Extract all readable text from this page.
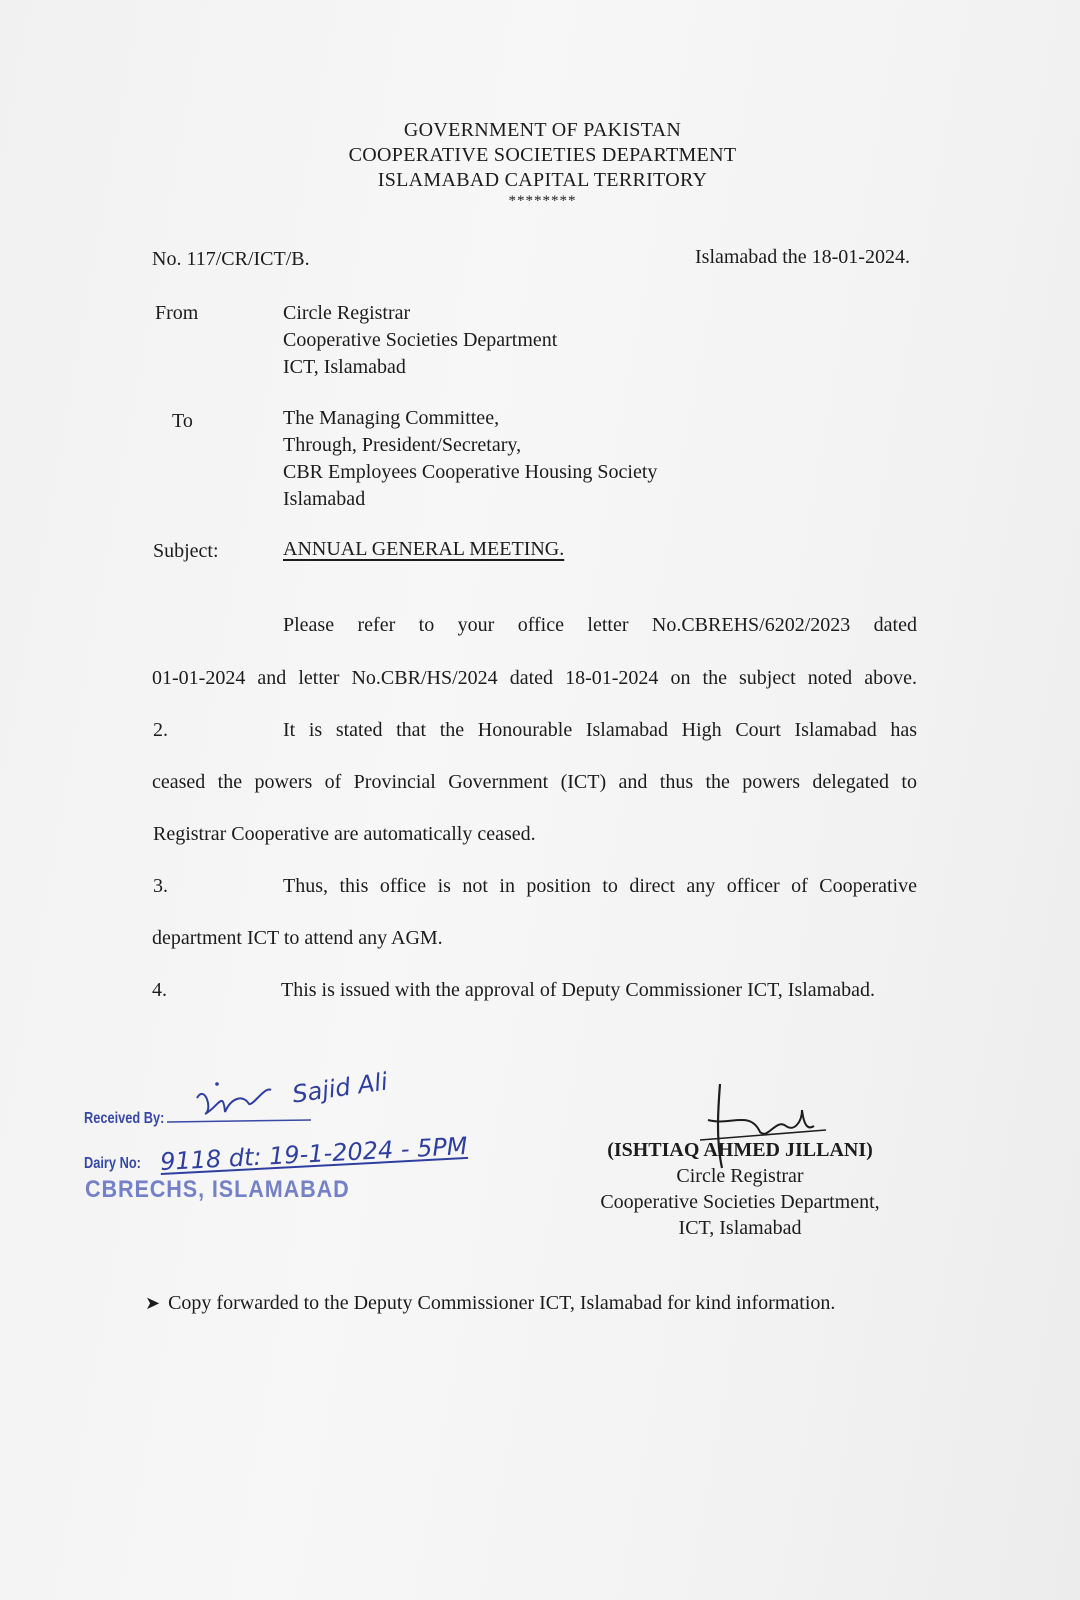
GOVERNMENT OF PAKISTAN
COOPERATIVE SOCIETIES DEPARTMENT
ISLAMABAD CAPITAL TERRITORY
********
No. 117/CR/ICT/B.	Islamabad the 18-01-2024.
From	Circle Registrar
Cooperative Societies Department
ICT, Islamabad
To	The Managing Committee,
Through, President/Secretary,
CBR Employees Cooperative Housing Society
Islamabad
Subject:	ANNUAL GENERAL MEETING.
Please refer to your office letter No.CBREHS/6202/2023 dated
01-01-2024 and letter No.CBR/HS/2024 dated 18-01-2024 on the subject noted above.
2.	It is stated that the Honourable Islamabad High Court Islamabad has
ceased the powers of Provincial Government (ICT) and thus the powers delegated to
Registrar Cooperative are automatically ceased.
3.	Thus, this office is not in position to direct any officer of Cooperative
department ICT to attend any AGM.
4.	This is issued with the approval of Deputy Commissioner ICT, Islamabad.
Received By:
Sajid Ali
Dairy No: 9118 dt: 19-1-2024 - 5PM
CBRECHS, ISLAMABAD
(ISHTIAQ AHMED JILLANI)
Circle Registrar
Cooperative Societies Department,
ICT, Islamabad
➤ Copy forwarded to the Deputy Commissioner ICT, Islamabad for kind information.
